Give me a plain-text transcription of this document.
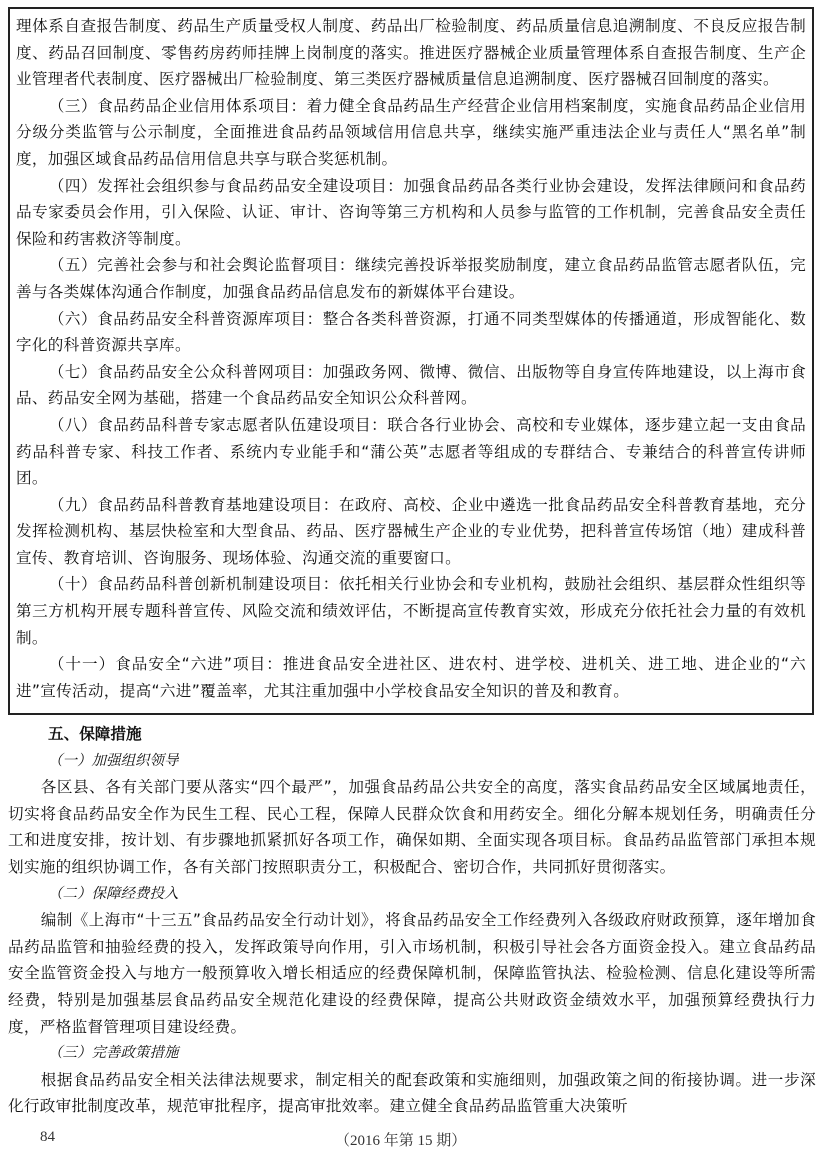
理体系自查报告制度、药品生产质量受权人制度、药品出厂检验制度、药品质量信息追溯制度、不良反应报告制度、药品召回制度、零售药房药师挂牌上岗制度的落实。推进医疗器械企业质量管理体系自查报告制度、生产企业管理者代表制度、医疗器械出厂检验制度、第三类医疗器械质量信息追溯制度、医疗器械召回制度的落实。

（三）食品药品企业信用体系项目：着力健全食品药品生产经营企业信用档案制度，实施食品药品企业信用分级分类监管与公示制度，全面推进食品药品领域信用信息共享，继续实施严重违法企业与责任人“黑名单”制度，加强区域食品药品信用信息共享与联合奖惩机制。

（四）发挥社会组织参与食品药品安全建设项目：加强食品药品各类行业协会建设，发挥法律顾问和食品药品专家委员会作用，引入保险、认证、审计、咨询等第三方机构和人员参与监管的工作机制，完善食品安全责任保险和药害救济等制度。

（五）完善社会参与和社会舆论监督项目：继续完善投诉举报奖励制度，建立食品药品监管志愿者队伍，完善与各类媒体沟通合作制度，加强食品药品信息发布的新媒体平台建设。

（六）食品药品安全科普资源库项目：整合各类科普资源，打通不同类型媒体的传播通道，形成智能化、数字化的科普资源共享库。

（七）食品药品安全公众科普网项目：加强政务网、微博、微信、出版物等自身宣传阵地建设，以上海市食品、药品安全网为基础，搭建一个食品药品安全知识公众科普网。

（八）食品药品科普专家志愿者队伍建设项目：联合各行业协会、高校和专业媒体，逐步建立起一支由食品药品科普专家、科技工作者、系统内专业能手和“蒲公英”志愿者等组成的专群结合、专兼结合的科普宣传讲师团。

（九）食品药品科普教育基地建设项目：在政府、高校、企业中遴选一批食品药品安全科普教育基地，充分发挥检测机构、基层快检室和大型食品、药品、医疗器械生产企业的专业优势，把科普宣传场馆（地）建成科普宣传、教育培训、咨询服务、现场体验、沟通交流的重要窗口。

（十）食品药品科普创新机制建设项目：依托相关行业协会和专业机构，鼓励社会组织、基层群众性组织等第三方机构开展专题科普宣传、风险交流和绩效评估，不断提高宣传教育实效，形成充分依托社会力量的有效机制。

（十一）食品安全“六进”项目：推进食品安全进社区、进农村、进学校、进机关、进工地、进企业的“六进”宣传活动，提高“六进”覆盖率，尤其注重加强中小学校食品安全知识的普及和教育。

五、保障措施

（一）加强组织领导

各区县、各有关部门要从落实“四个最严”，加强食品药品公共安全的高度，落实食品药品安全区域属地责任，切实将食品药品安全作为民生工程、民心工程，保障人民群众饮食和用药安全。细化分解本规划任务，明确责任分工和进度安排，按计划、有步骤地抓紧抓好各项工作，确保如期、全面实现各项目标。食品药品监管部门承担本规划实施的组织协调工作，各有关部门按照职责分工，积极配合、密切合作，共同抓好贯彻落实。

（二）保障经费投入

编制《上海市“十三五”食品药品安全行动计划》，将食品药品安全工作经费列入各级政府财政预算，逐年增加食品药品监管和抽验经费的投入，发挥政策导向作用，引入市场机制，积极引导社会各方面资金投入。建立食品药品安全监管资金投入与地方一般预算收入增长相适应的经费保障机制，保障监管执法、检验检测、信息化建设等所需经费，特别是加强基层食品药品安全规范化建设的经费保障，提高公共财政资金绩效水平，加强预算经费执行力度，严格监督管理项目建设经费。

（三）完善政策措施

根据食品药品安全相关法律法规要求，制定相关的配套政策和实施细则，加强政策之间的衔接协调。进一步深化行政审批制度改革，规范审批程序，提高审批效率。建立健全食品药品监管重大决策听

84	（2016 年第 15 期）
